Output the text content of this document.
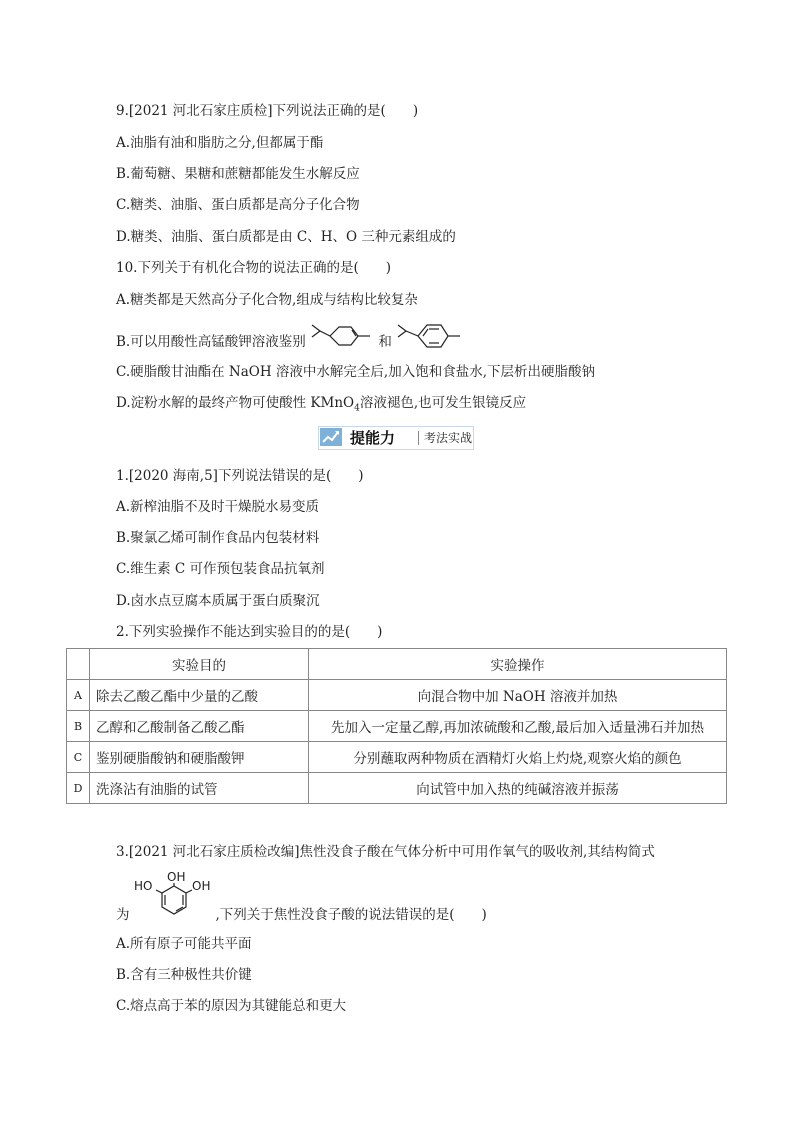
9.[2021 河北石家庄质检]下列说法正确的是(　　)
A.油脂有油和脂肪之分,但都属于酯
B.葡萄糖、果糖和蔗糖都能发生水解反应
C.糖类、油脂、蛋白质都是高分子化合物
D.糖类、油脂、蛋白质都是由 C、H、O 三种元素组成的
10.下列关于有机化合物的说法正确的是(　　)
A.糖类都是天然高分子化合物,组成与结构比较复杂
B.可以用酸性高锰酸钾溶液鉴别	和
C.硬脂酸甘油酯在 NaOH 溶液中水解完全后,加入饱和食盐水,下层析出硬脂酸钠
D.淀粉水解的最终产物可使酸性 KMnO$_4$溶液褪色,也可发生银镜反应
提能力 考法实战
1.[2020 海南,5]下列说法错误的是(　　)
A.新榨油脂不及时干燥脱水易变质
B.聚氯乙烯可制作食品内包装材料
C.维生素 C 可作预包装食品抗氧剂
D.卤水点豆腐本质属于蛋白质聚沉
2.下列实验操作不能达到实验目的的是(　　)
	实验目的	实验操作
A	除去乙酸乙酯中少量的乙酸	向混合物中加 NaOH 溶液并加热
B	乙醇和乙酸制备乙酸乙酯	先加入一定量乙醇,再加浓硫酸和乙酸,最后加入适量沸石并加热
C	鉴别硬脂酸钠和硬脂酸钾	分别蘸取两种物质在酒精灯火焰上灼烧,观察火焰的颜色
D	洗涤沾有油脂的试管	向试管中加入热的纯碱溶液并振荡
3.[2021 河北石家庄质检改编]焦性没食子酸在气体分析中可用作氧气的吸收剂,其结构简式
HO
OH
OH
为	,下列关于焦性没食子酸的说法错误的是(　　)
A.所有原子可能共平面
B.含有三种极性共价键
C.熔点高于苯的原因为其键能总和更大
